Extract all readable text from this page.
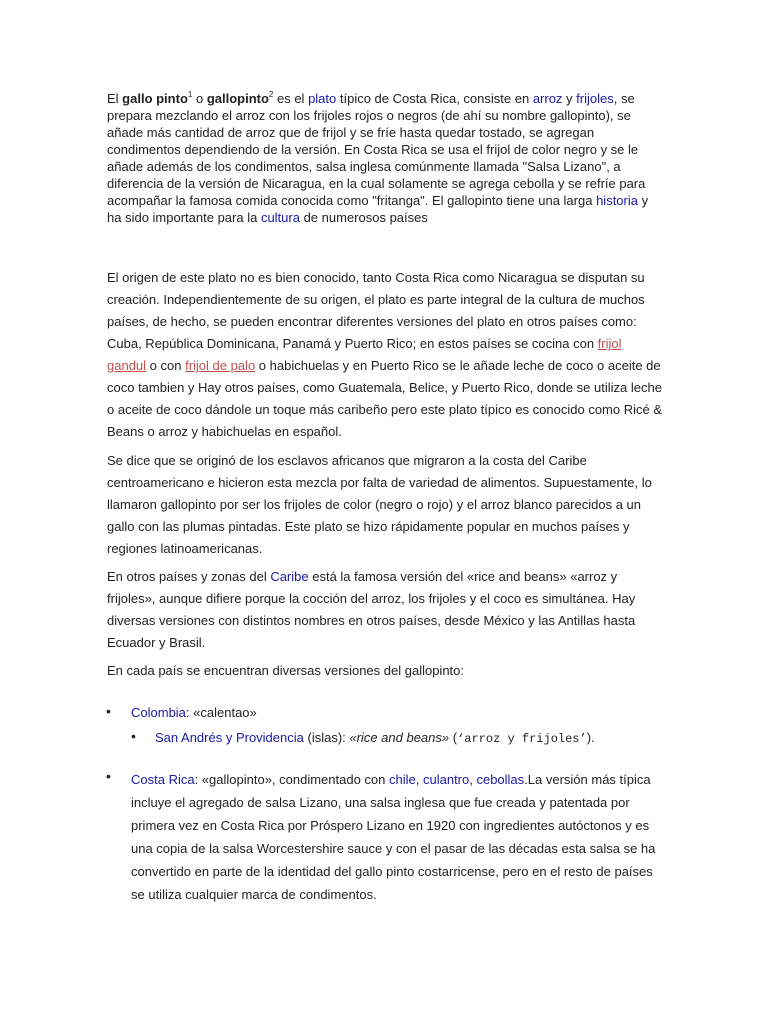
El gallo pinto$^1$ o gallopinto$^2$ es el plato típico de Costa Rica, consiste en arroz y frijoles, se prepara mezclando el arroz con los frijoles rojos o negros (de ahí su nombre gallopinto), se añade más cantidad de arroz que de frijol y se fríe hasta quedar tostado, se agregan condimentos dependiendo de la versión. En Costa Rica se usa el frijol de color negro y se le añade además de los condimentos, salsa inglesa comúnmente llamada "Salsa Lizano", a diferencia de la versión de Nicaragua, en la cual solamente se agrega cebolla y se refríe para acompañar la famosa comida conocida como "fritanga". El gallopinto tiene una larga historia y ha sido importante para la cultura de numerosos países
El origen de este plato no es bien conocido, tanto Costa Rica como Nicaragua se disputan su creación. Independientemente de su origen, el plato es parte integral de la cultura de muchos países, de hecho, se pueden encontrar diferentes versiones del plato en otros países como: Cuba, República Dominicana, Panamá y Puerto Rico; en estos países se cocina con frijol gandul o con frijol de palo o habichuelas y en Puerto Rico se le añade leche de coco o aceite de coco tambien y Hay otros países, como Guatemala, Belice, y Puerto Rico, donde se utiliza leche o aceite de coco dándole un toque más caribeño pero este plato típico es conocido como Ricé & Beans o arroz y habichuelas en español.
Se dice que se originó de los esclavos africanos que migraron a la costa del Caribe centroamericano e hicieron esta mezcla por falta de variedad de alimentos. Supuestamente, lo llamaron gallopinto por ser los frijoles de color (negro o rojo) y el arroz blanco parecidos a un gallo con las plumas pintadas. Este plato se hizo rápidamente popular en muchos países y regiones latinoamericanas.
En otros países y zonas del Caribe está la famosa versión del «rice and beans» «arroz y frijoles», aunque difiere porque la cocción del arroz, los frijoles y el coco es simultánea. Hay diversas versiones con distintos nombres en otros países, desde México y las Antillas hasta Ecuador y Brasil.
En cada país se encuentran diversas versiones del gallopinto:
• Colombia: «calentao»
• San Andrés y Providencia (islas): «rice and beans» (‘arroz y frijoles’).
• Costa Rica: «gallopinto», condimentado con chile, culantro, cebollas.La versión más típica incluye el agregado de salsa Lizano, una salsa inglesa que fue creada y patentada por primera vez en Costa Rica por Próspero Lizano en 1920 con ingredientes autóctonos y es una copia de la salsa Worcestershire sauce y con el pasar de las décadas esta salsa se ha convertido en parte de la identidad del gallo pinto costarricense, pero en el resto de países se utiliza cualquier marca de condimentos.
